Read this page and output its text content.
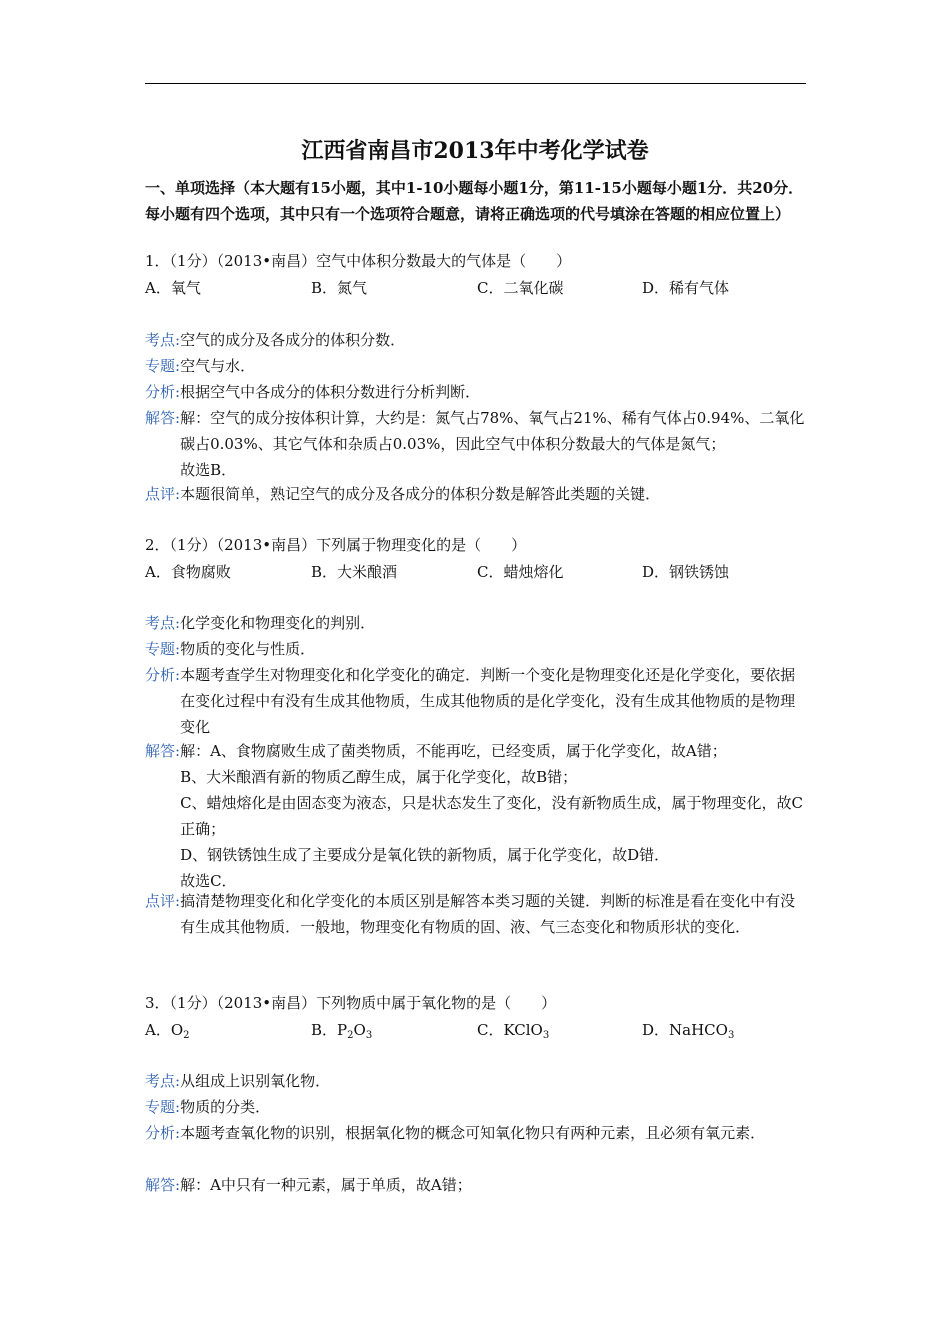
江西省南昌市2013年中考化学试卷
一、单项选择（本大题有15小题，其中1-10小题每小题1分，第11-15小题每小题1分．共20分．每小题有四个选项，其中只有一个选项符合题意，请将正确选项的代号填涂在答题的相应位置上）
1．（1分）（2013•南昌）空气中体积分数最大的气体是（　　）
A．氧气	B．氮气	C．二氧化碳	D．稀有气体
考点: 空气的成分及各成分的体积分数．
专题: 空气与水．
分析: 根据空气中各成分的体积分数进行分析判断．
解答: 解：空气的成分按体积计算，大约是：氮气占78%、氧气占21%、稀有气体占0.94%、二氧化碳占0.03%、其它气体和杂质占0.03%，因此空气中体积分数最大的气体是氮气；

故选B．

点评: 本题很简单，熟记空气的成分及各成分的体积分数是解答此类题的关键．
2．（1分）（2013•南昌）下列属于物理变化的是（　　）
A．食物腐败	B．大米酿酒	C．蜡烛熔化	D．钢铁锈蚀
考点: 化学变化和物理变化的判别．
专题: 物质的变化与性质．
分析: 本题考查学生对物理变化和化学变化的确定．判断一个变化是物理变化还是化学变化，要依据在变化过程中有没有生成其他物质，生成其他物质的是化学变化，没有生成其他物质的是物理变化
解答: 解：A、食物腐败生成了菌类物质，不能再吃，已经变质，属于化学变化，故A错；

B、大米酿酒有新的物质乙醇生成，属于化学变化，故B错；

C、蜡烛熔化是由固态变为液态，只是状态发生了变化，没有新物质生成，属于物理变化，故C正确；

D、钢铁锈蚀生成了主要成分是氧化铁的新物质，属于化学变化，故D错．

故选C．

点评: 搞清楚物理变化和化学变化的本质区别是解答本类习题的关键．判断的标准是看在变化中有没有生成其他物质．一般地，物理变化有物质的固、液、气三态变化和物质形状的变化．
3．（1分）（2013•南昌）下列物质中属于氧化物的是（　　）
A．$O_2$	B．$P_2O_3$	C．KClO$_3$	D．NaHCO$_3$
考点: 从组成上识别氧化物．
专题: 物质的分类．
分析: 本题考查氧化物的识别，根据氧化物的概念可知氧化物只有两种元素，且必须有氧元素．
解答: 解：A中只有一种元素，属于单质，故A错；
